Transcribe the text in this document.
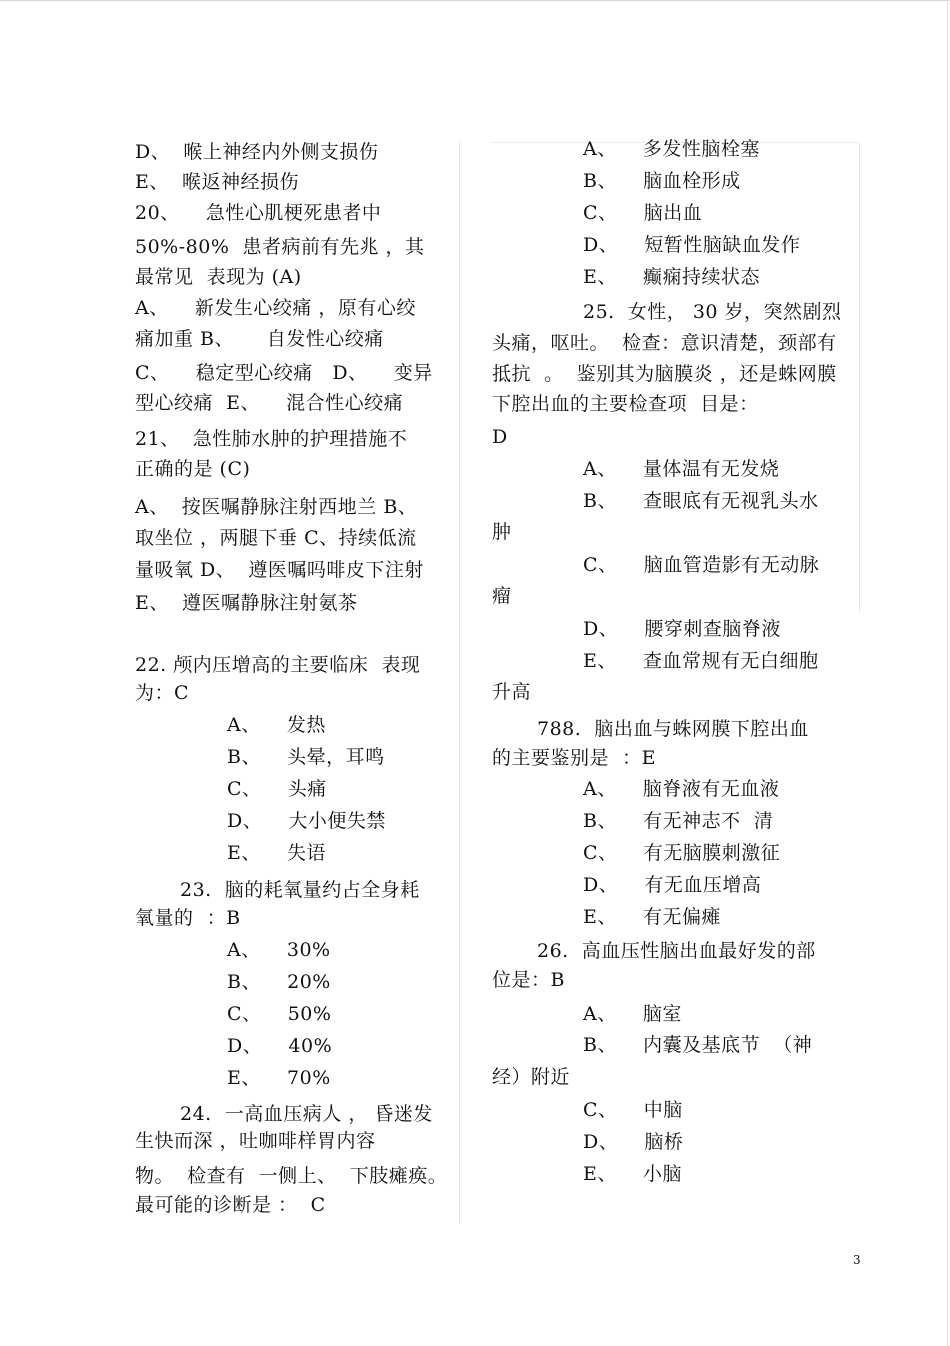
D、  喉上神经内外侧支损伤
E、  喉返神经损伤
20、    急性心肌梗死患者中
50%-80%  患者病前有先兆 ，其
最常见  表现为 (A)
A、    新发生心绞痛 ，原有心绞
痛加重 B、     自发性心绞痛
C、    稳定型心绞痛   D、    变异
型心绞痛  E、    混合性心绞痛
21、  急性肺水肿的护理措施不
正确的是 (C)
A、  按医嘱静脉注射西地兰 B、
取坐位 ，两腿下垂 C、持续低流
量吸氧 D、  遵医嘱吗啡皮下注射
E、  遵医嘱静脉注射氨茶
22. 颅内压增高的主要临床  表现
为：C
A、    发热
B、    头晕，耳鸣
C、    头痛
D、    大小便失禁
E、    失语
23.  脑的耗氧量约占全身耗
氧量的  ：B
A、    30%
B、    20%
C、    50%
D、    40%
E、    70%
24.  一高血压病人 ， 昏迷发
生快而深 ，吐咖啡样胃内容
物。  检查有  一侧上、  下肢瘫痪。
最可能的诊断是 ：  C
A、    多发性脑栓塞
B、    脑血栓形成
C、    脑出血
D、    短暂性脑缺血发作
E、    癫痫持续状态
25.  女性， 30 岁，突然剧烈
头痛，呕吐。  检查：意识清楚，颈部有
抵抗  。  鉴别其为脑膜炎 ，还是蛛网膜
下腔出血的主要检查项  目是：
D
A、    量体温有无发烧
B、    查眼底有无视乳头水
肿
C、    脑血管造影有无动脉
瘤
D、    腰穿刺查脑脊液
E、    查血常规有无白细胞
升高
788.  脑出血与蛛网膜下腔出血
的主要鉴别是  ：E
A、    脑脊液有无血液
B、    有无神志不  清
C、    有无脑膜刺激征
D、    有无血压增高
E、    有无偏瘫
26.  高血压性脑出血最好发的部
位是：B
A、    脑室
B、    内囊及基底节  （神
经）附近
C、    中脑
D、    脑桥
E、    小脑
3
